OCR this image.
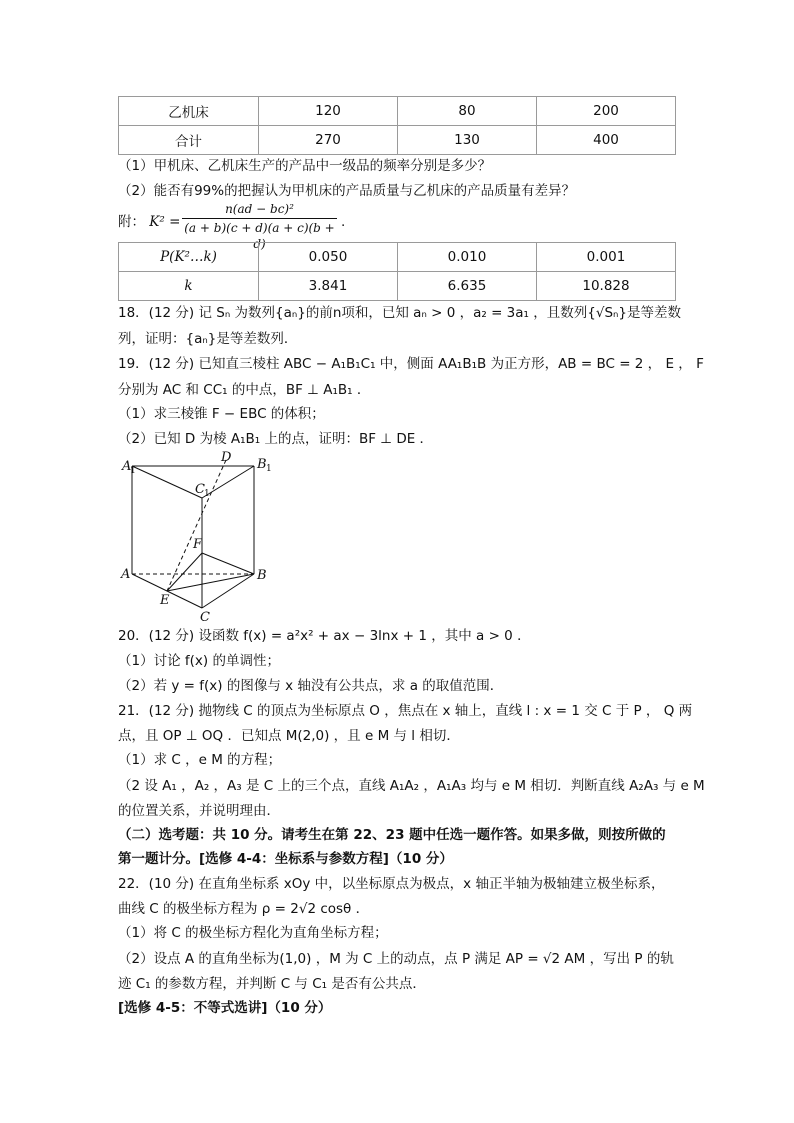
乙机床	120	80	200
合计	270	130	400
（1）甲机床、乙机床生产的产品中一级品的频率分别是多少？
（2）能否有99%的把握认为甲机床的产品质量与乙机床的产品质量有差异？
附： K² =
n(ad − bc)²
(a + b)(c + d)(a + c)(b + d)
.
P(K²…k)	0.050	0.010	0.001
k	3.841	6.635	10.828
18．(12 分) 记 Sₙ 为数列{aₙ}的前n项和，已知 aₙ > 0 ，a₂ = 3a₁ ，且数列{√Sₙ}是等差数
列，证明：{aₙ}是等差数列．
19．(12 分) 已知直三棱柱 ABC − A₁B₁C₁ 中，侧面 AA₁B₁B 为正方形，AB = BC = 2 ， E ， F
分别为 AC 和 CC₁ 的中点，BF ⊥ A₁B₁ ．
（1）求三棱锥 F − EBC 的体积；
（2）已知 D 为棱 A₁B₁ 上的点，证明：BF ⊥ DE ．
A
1
D B 1
C 1
F
A	B
E
C
20．(12 分) 设函数 f(x) = a²x² + ax − 3lnx + 1 ，其中 a > 0 ．
（1）讨论 f(x) 的单调性；
（2）若 y = f(x) 的图像与 x 轴没有公共点，求 a 的取值范围．
21．(12 分) 抛物线 C 的顶点为坐标原点 O ，焦点在 x 轴上，直线 l : x = 1 交 C 于 P ， Q 两
点，且 OP ⊥ OQ ．已知点 M(2,0) ，且 e M 与 l 相切．
（1）求 C ，e M 的方程；
（2 设 A₁ ，A₂ ，A₃ 是 C 上的三个点，直线 A₁A₂ ，A₁A₃ 均与 e M 相切．判断直线 A₂A₃ 与 e M
的位置关系，并说明理由．
（二）选考题：共 10 分。请考生在第 22、23 题中任选一题作答。如果多做，则按所做的
第一题计分。[选修 4-4：坐标系与参数方程]（10 分）
22．(10 分) 在直角坐标系 xOy 中，以坐标原点为极点，x 轴正半轴为极轴建立极坐标系，
曲线 C 的极坐标方程为 ρ = 2√2 cosθ ．
（1）将 C 的极坐标方程化为直角坐标方程；
（2）设点 A 的直角坐标为(1,0) ，M 为 C 上的动点，点 P 满足 AP = √2 AM ，写出 P 的轨
迹 C₁ 的参数方程，并判断 C 与 C₁ 是否有公共点．
[选修 4-5：不等式选讲]（10 分）
